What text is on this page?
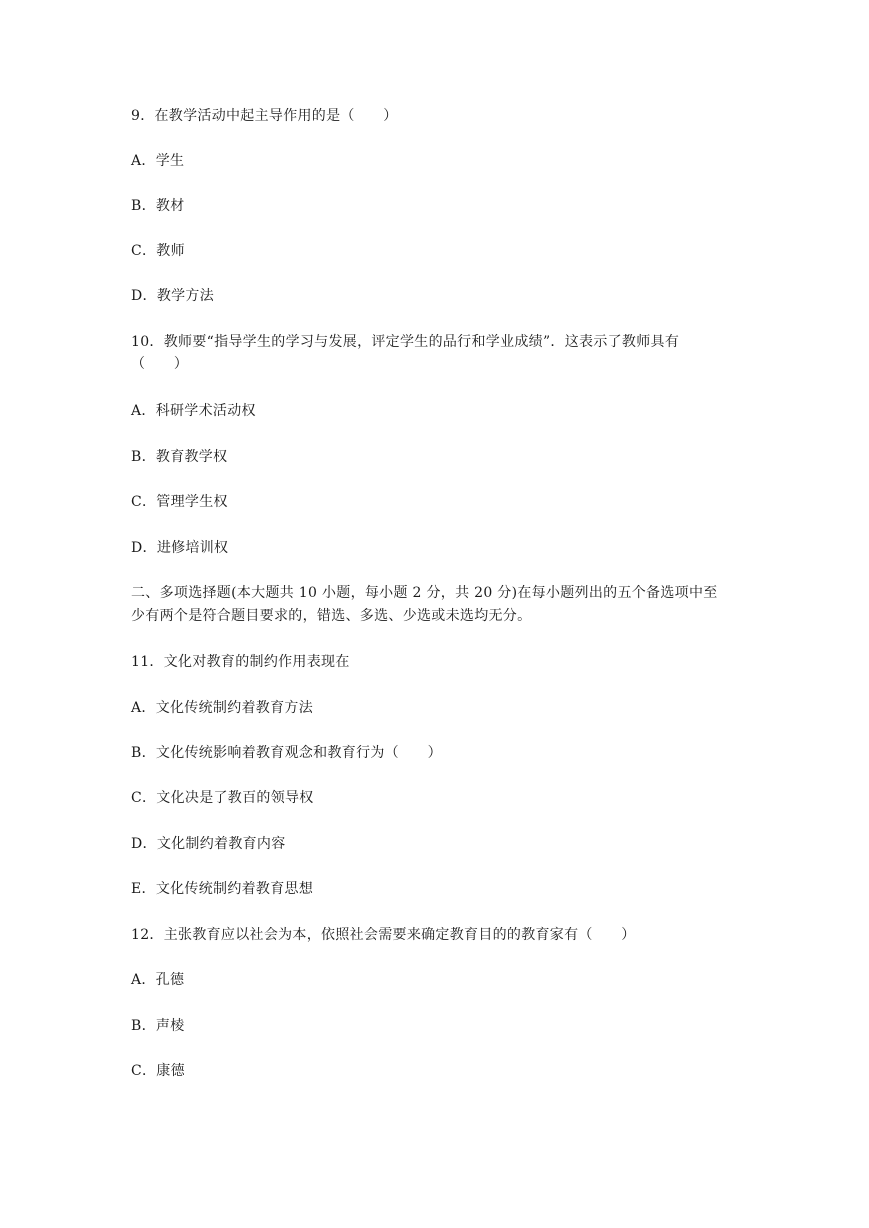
9．在教学活动中起主导作用的是（　　）
A．学生
B．教材
C．教师
D．教学方法
10．教师要“指导学生的学习与发展，评定学生的品行和学业成绩”．这表示了教师具有
（　　）
A．科研学术活动权
B．教育教学权
C．管理学生权
D．进修培训权
二、多项选择题(本大题共 10 小题，每小题 2 分，共 20 分)在每小题列出的五个备选项中至
少有两个是符合题目要求的，错选、多选、少选或未选均无分。
11．文化对教育的制约作用表现在
A．文化传统制约着教育方法
B．文化传统影响着教育观念和教育行为（　　）
C．文化决是了教百的领导权
D．文化制约着教育内容
E．文化传统制约着教育思想
12．主张教育应以社会为本，依照社会需要来确定教育目的的教育家有（　　）
A．孔德
B．声棱
C．康德
